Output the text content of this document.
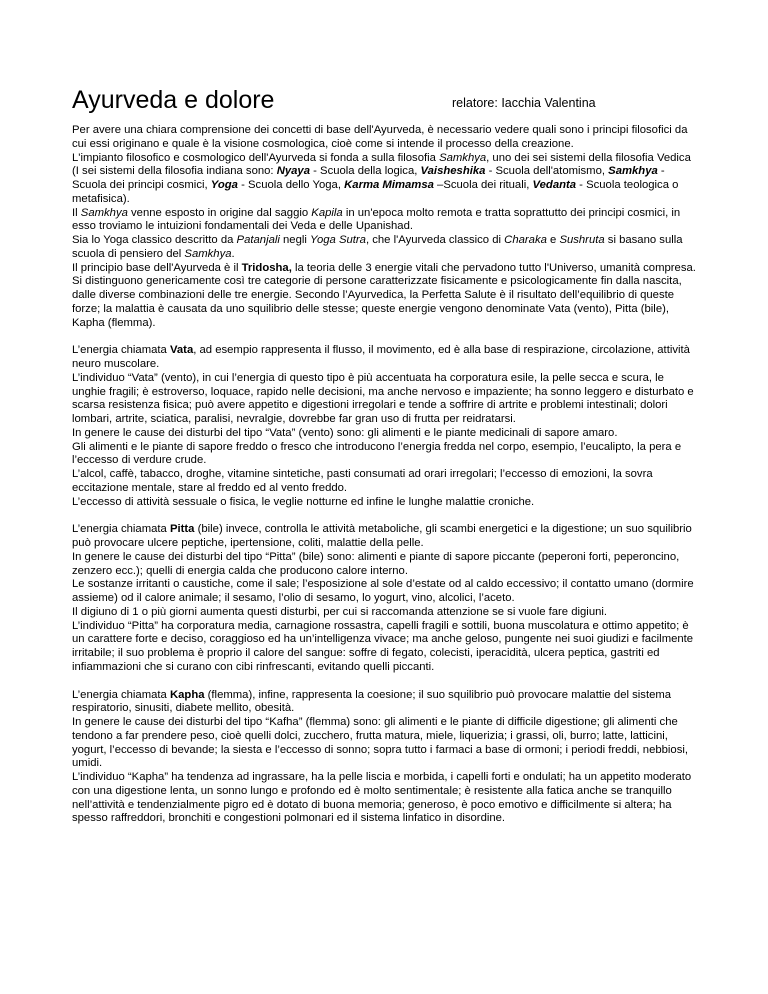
Ayurveda e dolore	relatore: Iacchia Valentina

Per avere una chiara comprensione dei concetti di base dell'Ayurveda, è necessario vedere quali sono i principi filosofici da cui essi originano e quale è la visione cosmologica, cioè come si intende il processo della creazione.

L'impianto filosofico e cosmologico dell'Ayurveda si fonda a sulla filosofia Samkhya, uno dei sei sistemi della filosofia Vedica (I sei sistemi della filosofia indiana sono: Nyaya - Scuola della logica, Vaisheshika - Scuola dell'atomismo, Samkhya - Scuola dei principi cosmici, Yoga - Scuola dello Yoga, Karma Mimamsa –Scuola dei rituali, Vedanta - Scuola teologica o metafisica).

Il Samkhya venne esposto in origine dal saggio Kapila in un'epoca molto remota e tratta soprattutto dei principi cosmici, in esso troviamo le intuizioni fondamentali dei Veda e delle Upanishad.

Sia lo Yoga classico descritto da Patanjali negli Yoga Sutra, che l'Ayurveda classico di Charaka e Sushruta si basano sulla scuola di pensiero del Samkhya.

Il principio base dell'Ayurveda è il Tridosha, la teoria delle 3 energie vitali che pervadono tutto l'Universo, umanità compresa.

Si distinguono genericamente così tre categorie di persone caratterizzate fisicamente e psicologicamente fin dalla nascita, dalle diverse combinazioni delle tre energie. Secondo l’Ayurvedica, la Perfetta Salute è il risultato dell’equilibrio di queste forze; la malattia è causata da uno squilibrio delle stesse; queste energie vengono denominate Vata (vento), Pitta (bile), Kapha (flemma).

L’energia chiamata Vata, ad esempio rappresenta il flusso, il movimento, ed è alla base di respirazione, circolazione, attività neuro muscolare.

L’individuo “Vata” (vento), in cui l’energia di questo tipo è più accentuata ha corporatura esile, la pelle secca e scura, le unghie fragili; è estroverso, loquace, rapido nelle decisioni, ma anche nervoso e impaziente; ha sonno leggero e disturbato e scarsa resistenza fisica; può avere appetito e digestioni irregolari e tende a soffrire di artrite e problemi intestinali; dolori lombari, artrite, sciatica, paralisi, nevralgie, dovrebbe far gran uso di frutta per reidratarsi.

In genere le cause dei disturbi del tipo “Vata” (vento) sono: gli alimenti e le piante medicinali di sapore amaro.

Gli alimenti e le piante di sapore freddo o fresco che introducono l’energia fredda nel corpo, esempio, l’eucalipto, la pera e l’eccesso di verdure crude.

L’alcol, caffè, tabacco, droghe, vitamine sintetiche, pasti consumati ad orari irregolari; l’eccesso di emozioni, la sovra eccitazione mentale, stare al freddo ed al vento freddo.

L’eccesso di attività sessuale o fisica, le veglie notturne ed infine le lunghe malattie croniche.

L’energia chiamata Pitta (bile) invece, controlla le attività metaboliche, gli scambi energetici e la digestione; un suo squilibrio può provocare ulcere peptiche, ipertensione, coliti, malattie della pelle.

In genere le cause dei disturbi del tipo “Pitta” (bile) sono: alimenti e piante di sapore piccante (peperoni forti, peperoncino, zenzero ecc.); quelli di energia calda che producono calore interno.

Le sostanze irritanti o caustiche, come il sale; l’esposizione al sole d’estate od al caldo eccessivo; il contatto umano (dormire assieme) od il calore animale; il sesamo, l’olio di sesamo, lo yogurt, vino, alcolici, l’aceto.

Il digiuno di 1 o più giorni aumenta questi disturbi, per cui si raccomanda attenzione se si vuole fare digiuni.

L’individuo “Pitta” ha corporatura media, carnagione rossastra, capelli fragili e sottili, buona muscolatura e ottimo appetito; è un carattere forte e deciso, coraggioso ed ha un’intelligenza vivace; ma anche geloso, pungente nei suoi giudizi e facilmente irritabile; il suo problema è proprio il calore del sangue: soffre di fegato, colecisti, iperacidità, ulcera peptica, gastriti ed infiammazioni che si curano con cibi rinfrescanti, evitando quelli piccanti.

L’energia chiamata Kapha (flemma), infine, rappresenta la coesione; il suo squilibrio può provocare malattie del sistema respiratorio, sinusiti, diabete mellito, obesità.

In genere le cause dei disturbi del tipo “Kafha” (flemma) sono: gli alimenti e le piante di difficile digestione; gli alimenti che tendono a far prendere peso, cioè quelli dolci, zucchero, frutta matura, miele, liquerizia; i grassi, oli, burro; latte, latticini, yogurt, l’eccesso di bevande; la siesta e l’eccesso di sonno; sopra tutto i farmaci a base di ormoni; i periodi freddi, nebbiosi, umidi.

L’individuo “Kapha” ha tendenza ad ingrassare, ha la pelle liscia e morbida, i capelli forti e ondulati; ha un appetito moderato con una digestione lenta, un sonno lungo e profondo ed è molto sentimentale; è resistente alla fatica anche se tranquillo nell’attività e tendenzialmente pigro ed è dotato di buona memoria; generoso, è poco emotivo e difficilmente si altera; ha spesso raffreddori, bronchiti e congestioni polmonari ed il sistema linfatico in disordine.
